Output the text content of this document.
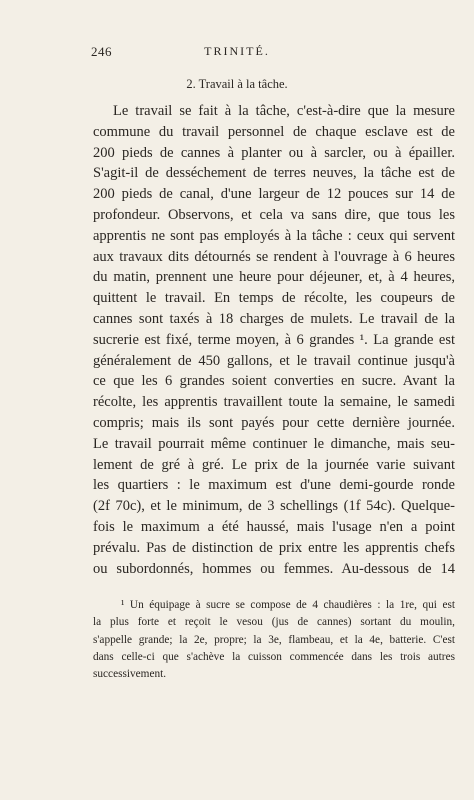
246	TRINITÉ.
2. Travail à la tâche.
Le travail se fait à la tâche, c'est-à-dire que la mesure
commune du travail personnel de chaque esclave est de
200 pieds de cannes à planter ou à sarcler, ou à épailler.
S'agit-il de desséchement de terres neuves, la tâche est de
200 pieds de canal, d'une largeur de 12 pouces sur 14 de
profondeur. Observons, et cela va sans dire, que tous les
apprentis ne sont pas employés à la tâche : ceux qui servent
aux travaux dits détournés se rendent à l'ouvrage à 6 heures
du matin, prennent une heure pour déjeuner, et, à 4 heures,
quittent le travail. En temps de récolte, les coupeurs de
cannes sont taxés à 18 charges de mulets. Le travail de la
sucrerie est fixé, terme moyen, à 6 grandes ¹. La grande est
généralement de 450 gallons, et le travail continue jusqu'à
ce que les 6 grandes soient converties en sucre. Avant la
récolte, les apprentis travaillent toute la semaine, le samedi
compris; mais ils sont payés pour cette dernière journée.
Le travail pourrait même continuer le dimanche, mais seu-
lement de gré à gré. Le prix de la journée varie suivant
les quartiers : le maximum est d'une demi-gourde ronde
(2f 70c), et le minimum, de 3 schellings (1f 54c). Quelque-
fois le maximum a été haussé, mais l'usage n'en a point
prévalu. Pas de distinction de prix entre les apprentis chefs
ou subordonnés, hommes ou femmes. Au-dessous de 14
¹ Un équipage à sucre se compose de 4 chaudières : la 1re, qui est
la plus forte et reçoit le vesou (jus de cannes) sortant du moulin,
s'appelle grande; la 2e, propre; la 3e, flambeau, et la 4e, batterie. C'est
dans celle-ci que s'achève la cuisson commencée dans les trois autres
successivement.
